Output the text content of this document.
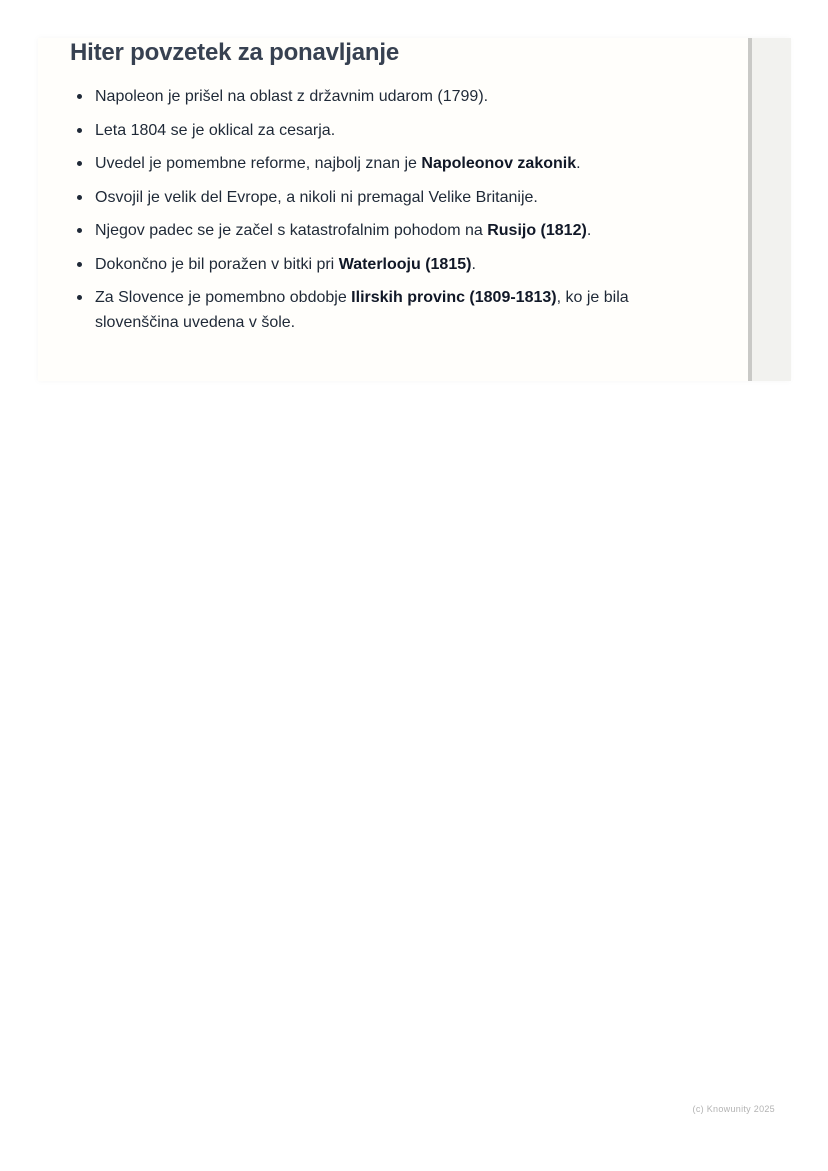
Hiter povzetek za ponavljanje
Napoleon je prišel na oblast z državnim udarom (1799).
Leta 1804 se je oklical za cesarja.
Uvedel je pomembne reforme, najbolj znan je Napoleonov zakonik.
Osvojil je velik del Evrope, a nikoli ni premagal Velike Britanije.
Njegov padec se je začel s katastrofalnim pohodom na Rusijo (1812).
Dokončno je bil poražen v bitki pri Waterlooju (1815).
Za Slovence je pomembno obdobje Ilirskih provinc (1809-1813), ko je bila slovenščina uvedena v šole.
(c) Knowunity 2025
